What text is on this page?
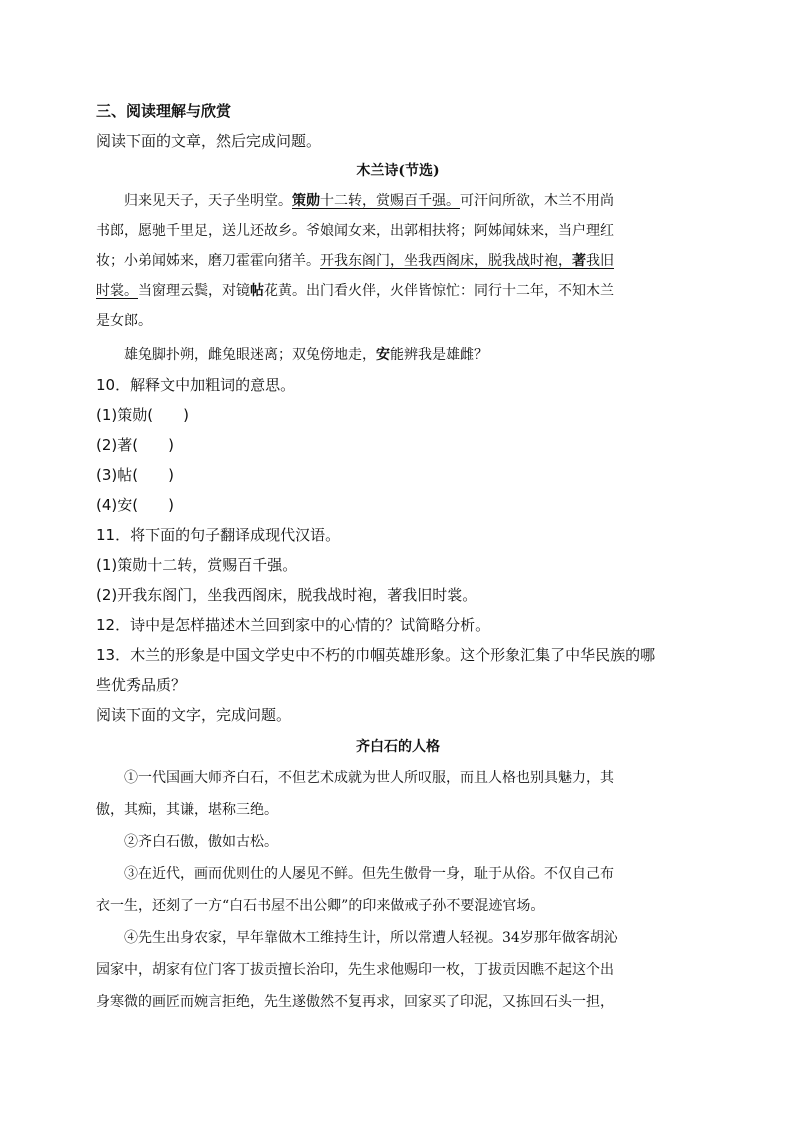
三、阅读理解与欣赏
阅读下面的文章，然后完成问题。
木兰诗(节选)
归来见天子，天子坐明堂。策勋十二转，赏赐百千强。可汗问所欲，木兰不用尚
书郎，愿驰千里足，送儿还故乡。爷娘闻女来，出郭相扶将；阿姊闻妹来，当户理红
妆；小弟闻姊来，磨刀霍霍向猪羊。开我东阁门，坐我西阁床，脱我战时袍，著我旧
时裳。当窗理云鬓，对镜帖花黄。出门看火伴，火伴皆惊忙：同行十二年，不知木兰
是女郎。
雄兔脚扑朔，雌兔眼迷离；双兔傍地走，安能辨我是雄雌？
10．解释文中加粗词的意思。
(1)策勋(　　)
(2)著(　　)
(3)帖(　　)
(4)安(　　)
11．将下面的句子翻译成现代汉语。
(1)策勋十二转，赏赐百千强。
(2)开我东阁门，坐我西阁床，脱我战时袍，著我旧时裳。
12．诗中是怎样描述木兰回到家中的心情的？试简略分析。
13．木兰的形象是中国文学史中不朽的巾帼英雄形象。这个形象汇集了中华民族的哪
些优秀品质？
阅读下面的文字，完成问题。
齐白石的人格
①一代国画大师齐白石，不但艺术成就为世人所叹服，而且人格也别具魅力，其
傲，其痴，其谦，堪称三绝。
②齐白石傲，傲如古松。
③在近代，画而优则仕的人屡见不鲜。但先生傲骨一身，耻于从俗。不仅自己布
衣一生，还刻了一方“白石书屋不出公卿”的印来做戒子孙不要混迹官场。
④先生出身农家，早年靠做木工维持生计，所以常遭人轻视。34岁那年做客胡沁
园家中，胡家有位门客丁拔贡擅长治印，先生求他赐印一枚，丁拔贡因瞧不起这个出
身寒微的画匠而婉言拒绝，先生遂傲然不复再求，回家买了印泥，又拣回石头一担，
